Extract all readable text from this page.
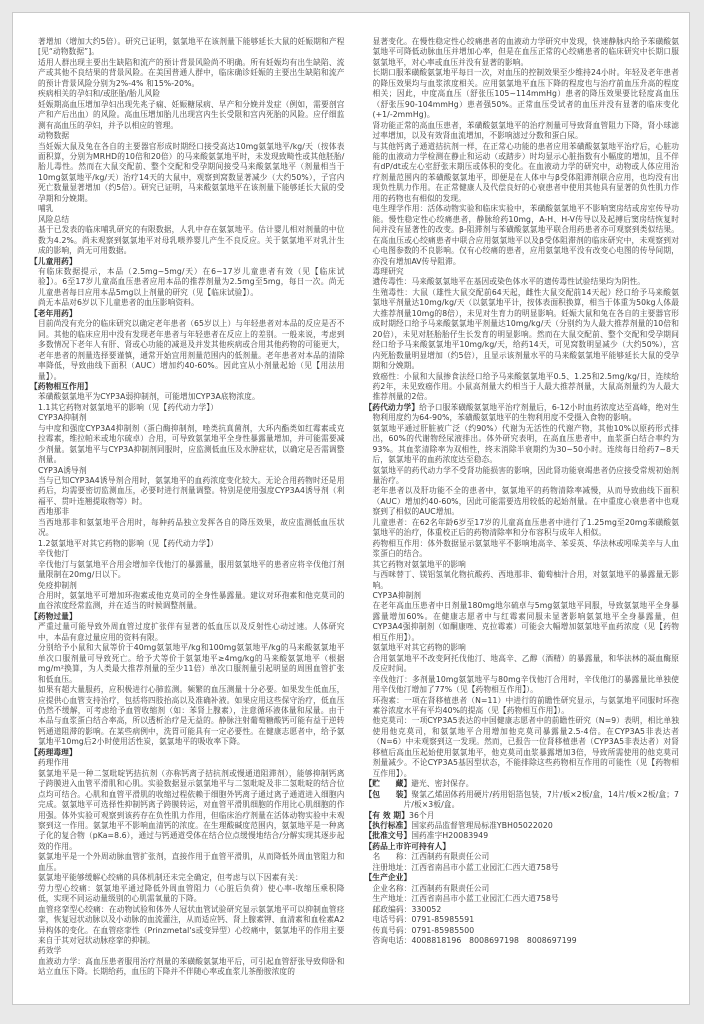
著增加（增加大约5倍）。研究已证明，氨氯地平在该剂量下能够延长大鼠的妊娠期和产程[见“动物数据”]。

适用人群出现主要出生缺陷和流产的预计背景风险尚不明确。所有妊娠均有出生缺陷、流产或其他不良结果的背景风险。在美国普通人群中，临床确诊妊娠的主要出生缺陷和流产的预计背景风险分别为2%-4% 和15%-20%。

疾病相关的孕妇和/或胚胎/胎儿风险

妊娠期高血压增加孕妇出现先兆子痫、妊娠糖尿病、早产和分娩并发症（例如，需要剖宫产和产后出血）的风险。高血压增加胎儿出现宫内生长受限和宫内死胎的风险。应仔细监测有高血压的孕妇，并予以相应的管理。

动物数据

当妊娠大鼠及兔在各自的主要器官形成时期经口接受高达10mg氨氯地平/kg/天（按体表面积算，分别为MRHD的10倍和20倍）的马来酸氨氯地平时，未发现致畸性或其他胚胎/胎儿毒性。然而在大鼠交配前、整个交配和受孕期间接受马来酸氨氯地平（剂量相当于10mg氨氯地平/kg/天）治疗14天的大鼠中，观察到窝数显著减少（大约50%），子宫内死亡数量显著增加（约5倍）。研究已证明，马来酸氨氯地平在该剂量下能够延长大鼠的受孕期和分娩期。

哺乳

风险总结

基于已发表的临床哺乳研究的有限数据，人乳中存在氨氯地平。估计婴儿相对剂量的中位数为4.2%。尚未观察到氨氯地平对母乳喂养婴儿产生不良反应。关于氨氯地平对乳汁生成的影响，尚无可用数据。

【儿童用药】

有临床数据提示，本品（2.5mg~5mg/天）在6~17岁儿童患者有效（见【临床试验】）。6至17岁儿童高血压患者应用本品的推荐剂量为2.5mg至5mg，每日一次。尚无儿童患者每日应用本品5mg以上剂量的研究（见【临床试验】）。

尚无本品对6岁以下儿童患者的血压影响资料。

【老年用药】

目前尚没有充分的临床研究以确定老年患者（65岁以上）与年轻患者对本品的反应是否不同。其他的临床应用中没有发现老年患者与年轻患者在反应上的差别。一般来说，考虑到多数情况下老年人有肝、肾或心功能的减退及并发其他疾病或合用其他药物的可能更大，老年患者的剂量选择要谨慎，通常开始宜用剂量范围内的低剂量。老年患者对本品的清除率降低，导致曲线下面积（AUC）增加约40-60%。因此宜从小剂量起始（见【用法用量】）。

【药物相互作用】

苯磺酸氨氯地平为CYP3A弱抑制剂，可能增加CYP3A底物浓度。

1.1其它药物对氨氯地平的影响（见【药代动力学】）

CYP3A抑制剂

与中度和强度CYP3A4抑制剂（蛋白酶抑制剂，唑类抗真菌剂，大环内酯类如红霉素或克拉霉素，维拉帕米或地尔硫卓）合用，可导致氨氯地平全身性暴露量增加，并可能需要减少剂量。氨氯地平与CYP3A抑制剂同服时，应监测低血压及水肿症状，以确定是否需调整剂量。

CYP3A诱导剂

当与已知CYP3A4诱导剂合用时，氨氯地平的血药浓度变化较大。无论合用药物时还是用药后，均需要密切监测血压，必要时进行剂量调整。特别是使用强度CYP3A4诱导剂（利福平、贯叶连翘提取物等）时。

西地那非

当西地那非和氨氯地平合用时，每种药品独立发挥各自的降压效果，故应监测低血压状况。

1.2氨氯地平对其它药物的影响（见【药代动力学】）

辛伐他汀

辛伐他汀与氨氯地平合用会增加辛伐他汀的暴露量，服用氨氯地平的患者应将辛伐他汀剂量限制在20mg/日以下。

免疫抑制剂

合用时，氨氯地平可增加环孢素或他克莫司的全身性暴露量。建议对环孢素和他克莫司的血谷浓度经常监测，并在适当的时候调整剂量。

【药物过量】

严重过量可能导致外周血管过度扩张伴有显著的低血压以及反射性心动过速。人体研究中，本品有意过量应用的资料有限。

分别给予小鼠和大鼠等价于40mg氨氯地平/kg和100mg氨氯地平/kg的马来酸氨氯地平单次口服剂量可导致死亡。给予犬等价于氨氯地平≥4mg/kg的马来酸氨氯地平（根据mg/m²换算，为人类最大推荐剂量的至少11倍）单次口服剂量引起明显的周围血管扩张和低血压。

如果有超大量服药，应积极进行心肺监测。频繁的血压测量十分必要。如果发生低血压，应提供心血管支持治疗，包括将四肢抬高以及准确补液。如果应用这些保守治疗，低血压仍然不缓解，可考虑给予血管收缩剂（如：苯肾上腺素），注意循环液体量和尿量。由于本品与血浆蛋白结合率高，所以透析治疗是无益的。静脉注射葡萄糖酸钙可能有益于逆转钙通道阻滞的影响。在某些病例中，洗胃可能具有一定必要性。在健康志愿者中，给予氨氯地平10mg后2小时使用活性炭，氨氯地平的吸收率下降。

【药理毒理】

药理作用

氨氯地平是一种二氢吡啶钙拮抗剂（亦称钙离子拮抗剂或慢通道阻滞剂），能够抑制钙离子跨膜进入血管平滑肌和心肌。实验数据显示氨氯地平与二氢吡啶及非二氢吡啶的结合位点均可结合。心肌和血管平滑肌的收缩过程依赖于细胞外钙离子通过离子通道进入细胞内完成。氨氯地平可选择性抑制钙离子跨膜转运，对血管平滑肌细胞的作用比心肌细胞的作用强。体外实验可观察到该药存在负性肌力作用，但临床治疗剂量在活体动物实验中未观察到这一作用。氨氯地平不影响血清钙的浓度。在生理酸碱度范围内，氨氯地平是一种离子化的复合物（pKa=8.6），通过与钙通道受体在结合位点缓慢地结合/分解实现其逐步起效的作用。

氨氯地平是一个外周动脉血管扩张剂，直接作用于血管平滑肌，从而降低外周血管阻力和血压。

氨氯地平能够缓解心绞痛的具体机制还未完全确定，但考虑与以下因素有关：

劳力型心绞痛：氨氯地平通过降低外周血管阻力（心脏后负荷）使心率-收缩压乘积降低，实现不同运动量级别的心肌需氧量的下降。

血管痉挛型心绞痛：在动物试验和体外人冠状血管试验研究显示氨氯地平可以抑制血管痉挛，恢复冠状动脉以及小动脉的血流灌注，从而适应钙、肾上腺素钾、血清素和血栓素A2异构体的变化。在血管痉挛性（Prinzmetal's或变异型）心绞痛中，氨氯地平的作用主要来自于其对冠状动脉痉挛的抑制。

药效学

血液动力学：高血压患者服用治疗剂量的苯磺酸氨氯地平后，可引起血管舒张导致仰卧和站立血压下降。长期给药，血压的下降并不伴随心率或血浆儿茶酚胺浓度的

显著变化。在慢性稳定性心绞痛患者的血液动力学研究中发现，快速静脉内给予苯磺酸氨氯地平可降低动脉血压并增加心率，但是在血压正常的心绞痛患者的临床研究中长期口服氨氯地平，对心率或血压并没有显著的影响。

长期口服苯磺酸氨氯地平每日一次，对血压的控制效果至少维持24小时。年轻及老年患者的降压效果均与血浆浓度相关。应用氨氯地平血压下降的程度也与治疗前血压升高的程度相关；因此，中度高血压（舒张压105~114mmHg）患者的降压效果要比轻度高血压（舒张压90-104mmHg）患者强50%。正常血压受试者的血压并没有显著的临床变化(+1/-2mmHg)。

肾功能正常的高血压患者，苯磺酸氨氯地平的治疗剂量可导致肾血管阻力下降，肾小球滤过率增加，以及有效肾血流增加，不影响滤过分数和蛋白尿。

与其他钙离子通道拮抗剂一样，在正常心功能的患者应用苯磺酸氨氯地平治疗后，心脏功能的血液动力学检测在静止和运动（或踏步）时均显示心脏指数有小幅度的增加，且不伴有dP/dt或左心室舒张末期压或体积的变化。在血液动力学的研究中，动物或人体应用治疗剂量范围内的苯磺酸氨氯地平，即便是在人体中与β受体阻滞剂联合应用，也均没有出现负性肌力作用。在正常健康人及代偿良好的心衰患者中使用其他具有显著的负性肌力作用的药物也有相似的发现。

电生理学作用：活体动物实验和临床实验中，苯磺酸氨氯地平不影响窦房结或房室传导功能。慢性稳定性心绞痛患者，静脉给药10mg，A-H、H-V传导以及起搏后窦房结恢复时间并没有显著性的改变。β-阻滞剂与苯磺酸氨氯地平联合用药患者亦可观察到类似结果。在高血压或心绞痛患者中联合应用氨氯地平以及β受体阻滞剂的临床研究中，未观察到对心电图参数的不良影响。仅有心绞痛的患者，应用氨氯地平没有改变心电图的传导间期，亦没有增加AV传导阻滞。

毒理研究

遗传毒性：马来酸氨氯地平在基因或染色体水平的遗传毒性试验结果均为阴性。

生殖毒性：大鼠（雄性大鼠交配前64天起，雌性大鼠交配前14天起）经口给予马来酸氨氯地平剂量达10mg/kg/天（以氨氯地平计，按体表面积换算，相当于体重为50kg人体最大推荐剂量10mg的8倍），未见对生育力的明显影响。妊娠大鼠和兔在各自的主要器官形成时期经口给予马来酸氨氯地平剂量达10mg/kg/天（分别约为人最大推荐剂量的10倍和20倍），未见对胚胎胎仔生长发育的明显影响。然而在大鼠交配前、整个交配和受孕期间经口给予马来酸氨氯地平10mg/kg/天，给药14天，可见窝数明显减少（大约50%），宫内死胎数量明显增加（约5倍），且显示该剂量水平的马来酸氨氯地平能够延长大鼠的受孕期和分娩期。

致癌性：小鼠和大鼠掺食法经口给予马来酸氨氯地平0.5、1.25和2.5mg/kg/日，连续给药2年，未见致癌作用。小鼠高剂量大约相当于人最大推荐剂量，大鼠高剂量约为人最大推荐剂量的2倍。

【药代动力学】给予口服苯磺酸氨氯地平治疗剂量后，6-12小时血药浓度达至高峰，绝对生物利用度约为64-90%，苯磺酸氨氯地平的生物利用度不受摄入食物的影响。

氨氯地平通过肝脏被广泛（约90%）代谢为无活性的代谢产物，其他10%以原药形式排出，60%的代谢物经尿液排出。体外研究表明，在高血压患者中，血浆蛋白结合率约为93%。其血浆清除率为双相性，终末消除半衰期约为30~50小时。连续每日给药7~8天后，氨氯地平的血药浓度达至稳态。

氨氯地平的药代动力学不受肾功能损害的影响，因此肾功能衰竭患者仍应接受常规初始剂量治疗。

老年患者以及肝功能不全的患者中，氨氯地平的药物清除率减慢，从而导致曲线下面积（AUC）增加约40-60%，因此可能需要选用较低的起始剂量。在中重度心衰患者中也观察到了相似的AUC增加。

儿童患者：在62名年龄6岁至17岁的儿童高血压患者中进行了1.25mg至20mg苯磺酸氨氯地平的治疗，体重校正后的药物清除率和分布容积与成年人相似。

药物相互作用：体外数据显示氨氯地平不影响地高辛、苯妥英、华法林或吲哚美辛与人血浆蛋白的结合。

其它药物对氨氯地平的影响

与西咪替丁、镁铝氢氧化物抗酸药、西地那非、葡萄柚汁合用，对氨氯地平的暴露量无影响。

CYP3A抑制剂

在老年高血压患者中日剂量180mg地尔硫卓与5mg氨氯地平同服，导致氨氯地平全身暴露量增加60%。在健康志愿者中与红霉素同服未显著影响氨氯地平全身暴露量，但CYP3A4强抑制剂（如酮康唑、克拉霉素）可能会大幅增加氨氯地平血药浓度（见【药物相互作用】）。

氨氯地平对其它药物的影响

合用氨氯地平不改变阿托伐他汀、地高辛、乙醇（酒精）的暴露量，和华法林的凝血酶原反应时间。

辛伐他汀：多剂量10mg氨氯地平与80mg辛伐他汀合用时，辛伐他汀的暴露量比单独使用辛伐他汀增加了77%（见【药物相互作用】）。

环孢素：一项在肾移植患者（N=11）中进行的前瞻性研究显示，与氨氯地平同服时环孢素谷浓度水平有平均40%的提高（见【药物相互作用】）。

他克莫司：一项CYP3A5表达的中国健康志愿者中的前瞻性研究（N=9）表明，相比单独使用他克莫司，和氨氯地平合用增加他克莫司暴露量2.5-4倍。在CYP3A5非表达者（N=6）中未观察到这一发现。然而，已报告一位肾移植患者（CYP3A5非表达者）对肾移植后高血压起始使用氨氯地平，他克莫司血浆暴露增加3倍，导致所需使用的他克莫司剂量减少。不论CYP3A5基因型状态，不能排除这些药物相互作用的可能性（见【药物相互作用】）。

【贮　　藏】避光、密封保存。

【包　　装】聚氯乙烯固体药用硬片/药用铝箔包装，7片/板×2板/盒，14片/板×2板/盒；7片/板×3板/盒。

【有 效 期】36个月

【执行标准】国家药品监督管理局标准YBH05022020

【批准文号】国药准字H20083949

【药品上市许可持有人】

名　　称：江西制药有限责任公司

注册地址：江西省南昌市小蓝工业园汇仁西大道758号

【生产企业】

企业名称：江西制药有限责任公司

生产地址：江西省南昌市小蓝工业园汇仁西大道758号

邮政编码：330052

电话号码：0791-85985591

传真号码：0791-85985500

咨询电话：4008818196　8008697198　8008697199
